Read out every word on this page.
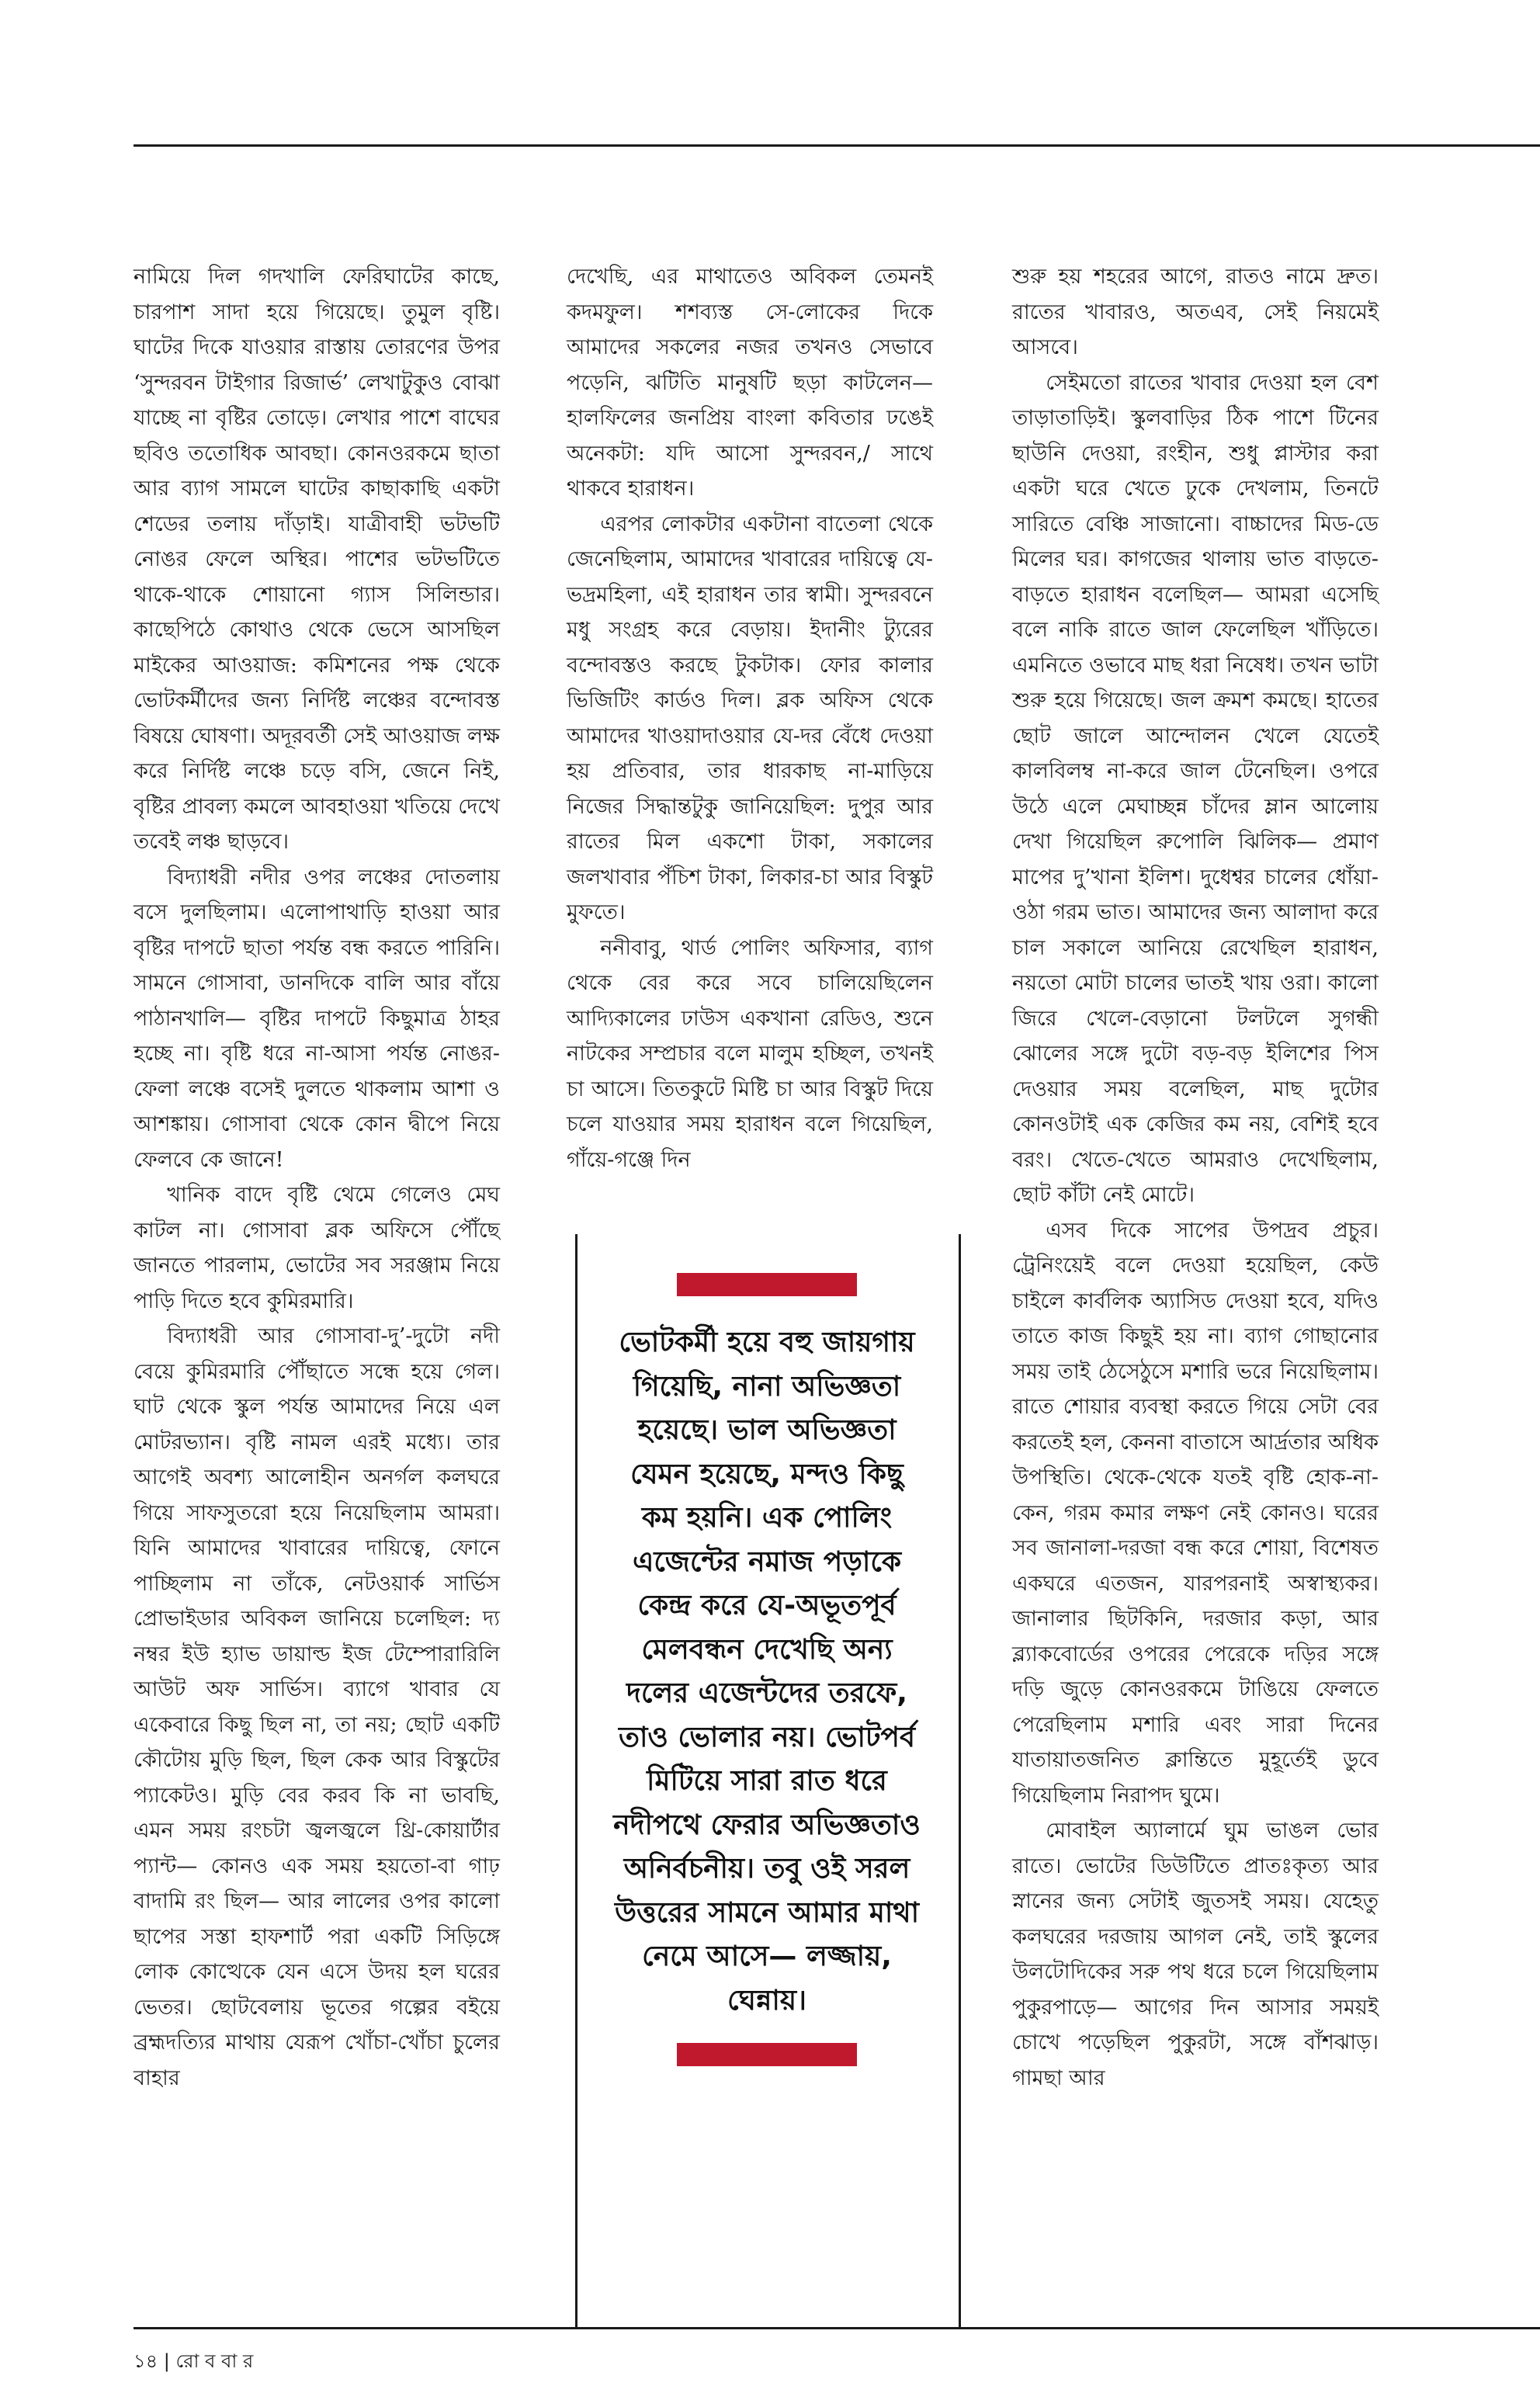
নামিয়ে দিল গদখালি ফেরিঘাটের কাছে, চারপাশ সাদা হয়ে গিয়েছে। তুমুল বৃষ্টি। ঘাটের দিকে যাওয়ার রাস্তায় তোরণের উপর ‘সুন্দরবন টাইগার রিজার্ভ’ লেখাটুকুও বোঝা যাচ্ছে না বৃষ্টির তোড়ে। লেখার পাশে বাঘের ছবিও ততোধিক আবছা। কোনওরকমে ছাতা আর ব্যাগ সামলে ঘাটের কাছাকাছি একটা শেডের তলায় দাঁড়াই। যাত্রীবাহী ভটভটি নোঙর ফেলে অস্থির। পাশের ভটভটিতে থাকে-থাকে শোয়ানো গ্যাস সিলিন্ডার। কাছেপিঠে কোথাও থেকে ভেসে আসছিল মাইকের আওয়াজ: কমিশনের পক্ষ থেকে ভোটকর্মীদের জন্য নির্দিষ্ট লঞ্চের বন্দোবস্ত বিষয়ে ঘোষণা। অদূরবর্তী সেই আওয়াজ লক্ষ করে নির্দিষ্ট লঞ্চে চড়ে বসি, জেনে নিই, বৃষ্টির প্রাবল্য কমলে আবহাওয়া খতিয়ে দেখে তবেই লঞ্চ ছাড়বে।

বিদ্যাধরী নদীর ওপর লঞ্চের দোতলায় বসে দুলছিলাম। এলোপাথাড়ি হাওয়া আর বৃষ্টির দাপটে ছাতা পর্যন্ত বন্ধ করতে পারিনি। সামনে গোসাবা, ডানদিকে বালি আর বাঁয়ে পাঠানখালি— বৃষ্টির দাপটে কিছুমাত্র ঠাহর হচ্ছে না। বৃষ্টি ধরে না-আসা পর্যন্ত নোঙর-ফেলা লঞ্চে বসেই দুলতে থাকলাম আশা ও আশঙ্কায়। গোসাবা থেকে কোন দ্বীপে নিয়ে ফেলবে কে জানে!

খানিক বাদে বৃষ্টি থেমে গেলেও মেঘ কাটল না। গোসাবা ব্লক অফিসে পৌঁছে জানতে পারলাম, ভোটের সব সরঞ্জাম নিয়ে পাড়ি দিতে হবে কুমিরমারি।

বিদ্যাধরী আর গোসাবা-দু’-দুটো নদী বেয়ে কুমিরমারি পৌঁছাতে সন্ধে হয়ে গেল। ঘাট থেকে স্কুল পর্যন্ত আমাদের নিয়ে এল মোটরভ্যান। বৃষ্টি নামল এরই মধ্যে। তার আগেই অবশ্য আলোহীন অনর্গল কলঘরে গিয়ে সাফসুতরো হয়ে নিয়েছিলাম আমরা। যিনি আমাদের খাবারের দায়িত্বে, ফোনে পাচ্ছিলাম না তাঁকে, নেটওয়ার্ক সার্ভিস প্রোভাইডার অবিকল জানিয়ে চলেছিল: দ্য নম্বর ইউ হ্যাভ ডায়াল্ড ইজ টেম্পোরারিলি আউট অফ সার্ভিস। ব্যাগে খাবার যে একেবারে কিছু ছিল না, তা নয়; ছোট একটি কৌটোয় মুড়ি ছিল, ছিল কেক আর বিস্কুটের প্যাকেটও। মুড়ি বের করব কি না ভাবছি, এমন সময় রংচটা জ্বলজ্বলে থ্রি-কোয়ার্টার প্যান্ট— কোনও এক সময় হয়তো-বা গাঢ় বাদামি রং ছিল— আর লালের ওপর কালো ছাপের সস্তা হাফশার্ট পরা একটি সিড়িঙ্গে লোক কোত্থেকে যেন এসে উদয় হল ঘরের ভেতর। ছোটবেলায় ভূতের গল্পের বইয়ে ব্রহ্মদত্যির মাথায় যেরূপ খোঁচা-খোঁচা চুলের বাহার

দেখেছি, এর মাথাতেও অবিকল তেমনই কদমফুল। শশব্যস্ত সে-লোকের দিকে আমাদের সকলের নজর তখনও সেভাবে পড়েনি, ঝটিতি মানুষটি ছড়া কাটলেন— হালফিলের জনপ্রিয় বাংলা কবিতার ঢঙেই অনেকটা: যদি আসো সুন্দরবন,/ সাথে থাকবে হারাধন।

এরপর লোকটার একটানা বাতেলা থেকে জেনেছিলাম, আমাদের খাবারের দায়িত্বে যে-ভদ্রমহিলা, এই হারাধন তার স্বামী। সুন্দরবনে মধু সংগ্রহ করে বেড়ায়। ইদানীং ট্যুরের বন্দোবস্তও করছে টুকটাক। ফোর কালার ভিজিটিং কার্ডও দিল। ব্লক অফিস থেকে আমাদের খাওয়াদাওয়ার যে-দর বেঁধে দেওয়া হয় প্রতিবার, তার ধারকাছ না-মাড়িয়ে নিজের সিদ্ধান্তটুকু জানিয়েছিল: দুপুর আর রাতের মিল একশো টাকা, সকালের জলখাবার পঁচিশ টাকা, লিকার-চা আর বিস্কুট মুফতে।

ননীবাবু, থার্ড পোলিং অফিসার, ব্যাগ থেকে বের করে সবে চালিয়েছিলেন আদ্যিকালের ঢাউস একখানা রেডিও, শুনে নাটকের সম্প্রচার বলে মালুম হচ্ছিল, তখনই চা আসে। তিতকুটে মিষ্টি চা আর বিস্কুট দিয়ে চলে যাওয়ার সময় হারাধন বলে গিয়েছিল, গাঁয়ে-গঞ্জে দিন

শুরু হয় শহরের আগে, রাতও নামে দ্রুত। রাতের খাবারও, অতএব, সেই নিয়মেই আসবে।

সেইমতো রাতের খাবার দেওয়া হল বেশ তাড়াতাড়িই। স্কুলবাড়ির ঠিক পাশে টিনের ছাউনি দেওয়া, রংহীন, শুধু প্লাস্টার করা একটা ঘরে খেতে ঢুকে দেখলাম, তিনটে সারিতে বেঞ্চি সাজানো। বাচ্চাদের মিড-ডে মিলের ঘর। কাগজের থালায় ভাত বাড়তে-বাড়তে হারাধন বলেছিল— আমরা এসেছি বলে নাকি রাতে জাল ফেলেছিল খাঁড়িতে। এমনিতে ওভাবে মাছ ধরা নিষেধ। তখন ভাটা শুরু হয়ে গিয়েছে। জল ক্রমশ কমছে। হাতের ছোট জালে আন্দোলন খেলে যেতেই কালবিলম্ব না-করে জাল টেনেছিল। ওপরে উঠে এলে মেঘাচ্ছন্ন চাঁদের ম্লান আলোয় দেখা গিয়েছিল রুপোলি ঝিলিক— প্রমাণ মাপের দু’খানা ইলিশ। দুধেশ্বর চালের ধোঁয়া-ওঠা গরম ভাত। আমাদের জন্য আলাদা করে চাল সকালে আনিয়ে রেখেছিল হারাধন, নয়তো মোটা চালের ভাতই খায় ওরা। কালো জিরে খেলে-বেড়ানো টলটলে সুগন্ধী ঝোলের সঙ্গে দুটো বড়-বড় ইলিশের পিস দেওয়ার সময় বলেছিল, মাছ দুটোর কোনওটাই এক কেজির কম নয়, বেশিই হবে বরং। খেতে-খেতে আমরাও দেখেছিলাম, ছোট কাঁটা নেই মোটে।

এসব দিকে সাপের উপদ্রব প্রচুর। ট্রেনিংয়েই বলে দেওয়া হয়েছিল, কেউ চাইলে কার্বলিক অ্যাসিড দেওয়া হবে, যদিও তাতে কাজ কিছুই হয় না। ব্যাগ গোছানোর সময় তাই ঠেসেঠুসে মশারি ভরে নিয়েছিলাম। রাতে শোয়ার ব্যবস্থা করতে গিয়ে সেটা বের করতেই হল, কেননা বাতাসে আর্দ্রতার অধিক উপস্থিতি। থেকে-থেকে যতই বৃষ্টি হোক-না-কেন, গরম কমার লক্ষণ নেই কোনও। ঘরের সব জানালা-দরজা বন্ধ করে শোয়া, বিশেষত একঘরে এতজন, যারপরনাই অস্বাস্থ্যকর। জানালার ছিটকিনি, দরজার কড়া, আর ব্ল্যাকবোর্ডের ওপরের পেরেকে দড়ির সঙ্গে দড়ি জুড়ে কোনওরকমে টাঙিয়ে ফেলতে পেরেছিলাম মশারি এবং সারা দিনের যাতায়াতজনিত ক্লান্তিতে মুহূর্তেই ডুবে গিয়েছিলাম নিরাপদ ঘুমে।

মোবাইল অ্যালার্মে ঘুম ভাঙল ভোর রাতে। ভোটের ডিউটিতে প্রাতঃকৃত্য আর স্নানের জন্য সেটাই জুতসই সময়। যেহেতু কলঘরের দরজায় আগল নেই, তাই স্কুলের উলটোদিকের সরু পথ ধরে চলে গিয়েছিলাম পুকুরপাড়ে— আগের দিন আসার সময়ই চোখে পড়েছিল পুকুরটা, সঙ্গে বাঁশঝাড়। গামছা আর

ভোটকর্মী হয়ে বহু জায়গায় গিয়েছি, নানা অভিজ্ঞতা হয়েছে। ভাল অভিজ্ঞতা যেমন হয়েছে, মন্দও কিছু কম হয়নি। এক পোলিং এজেন্টের নমাজ পড়াকে কেন্দ্র করে যে-অভূতপূর্ব মেলবন্ধন দেখেছি অন্য দলের এজেন্টদের তরফে, তাও ভোলার নয়। ভোটপর্ব মিটিয়ে সারা রাত ধরে নদীপথে ফেরার অভিজ্ঞতাও অনির্বচনীয়। তবু ওই সরল উত্তরের সামনে আমার মাথা নেমে আসে— লজ্জায়, ঘেন্নায়।
১৪ | রো ব বা র
